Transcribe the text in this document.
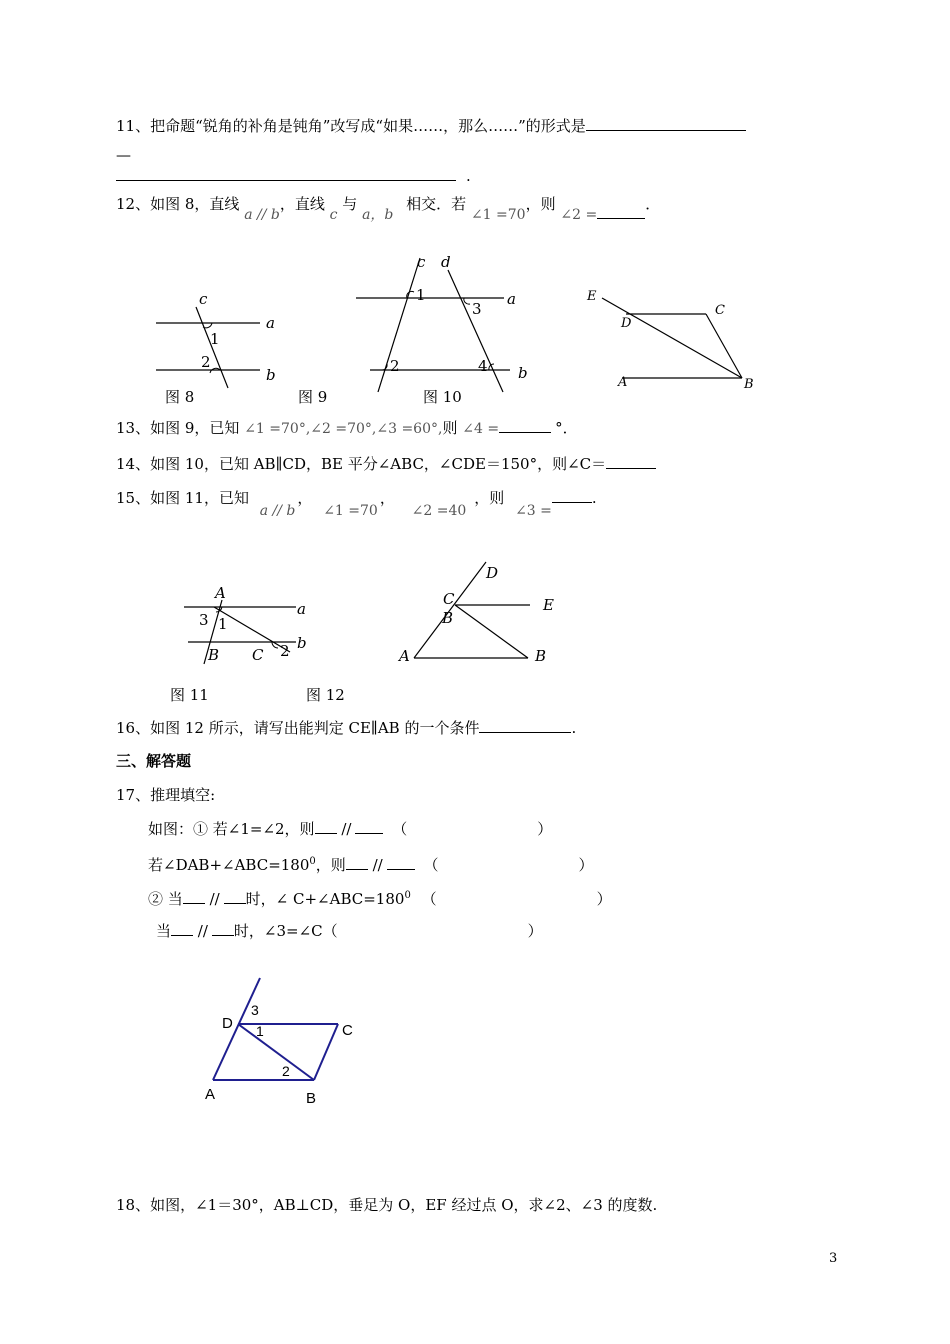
11、把命题“锐角的补角是钝角”改写成“如果……，那么……”的形式是
—
.
12、如图 8，直线 a // b，直线 c 与 a，b 相交．若 ∠1 =70，则 ∠2 =．
c
a
b
1
2
图 8
c d
a
b
1
2
3
4
图 9
E
C
D
A	B
图 10
13、如图 9，已知 ∠1 =70°,∠2 =70°,∠3 =60°,则 ∠4 =	°．
14、如图 10，已知 AB∥CD，BE 平分∠ABC，∠CDE＝150°，则∠C＝
15、如图 11，已知 a // b， ∠1 =70， ∠2 =40，则 ∠3 =.
A
a
b
3 1
B C 2
图 11
D
C	E
B
A	B
图 12
16、如图 12 所示，请写出能判定 CE∥AB 的一个条件	.
三、解答题
17、推理填空:
如图：① 若∠1=∠2，则 //	（	）
若$\angle DAB+\angle ABC=180^0$，则 //	（	）
② 当 // 时，∠ $C+\angle ABC=180^0$ （	）
当 // 时，∠3=∠C（	）
3
D 1	C
2
A	B
18、如图，∠1＝30°，AB⊥CD，垂足为 O，EF 经过点 O，求∠2、∠3 的度数.
3
